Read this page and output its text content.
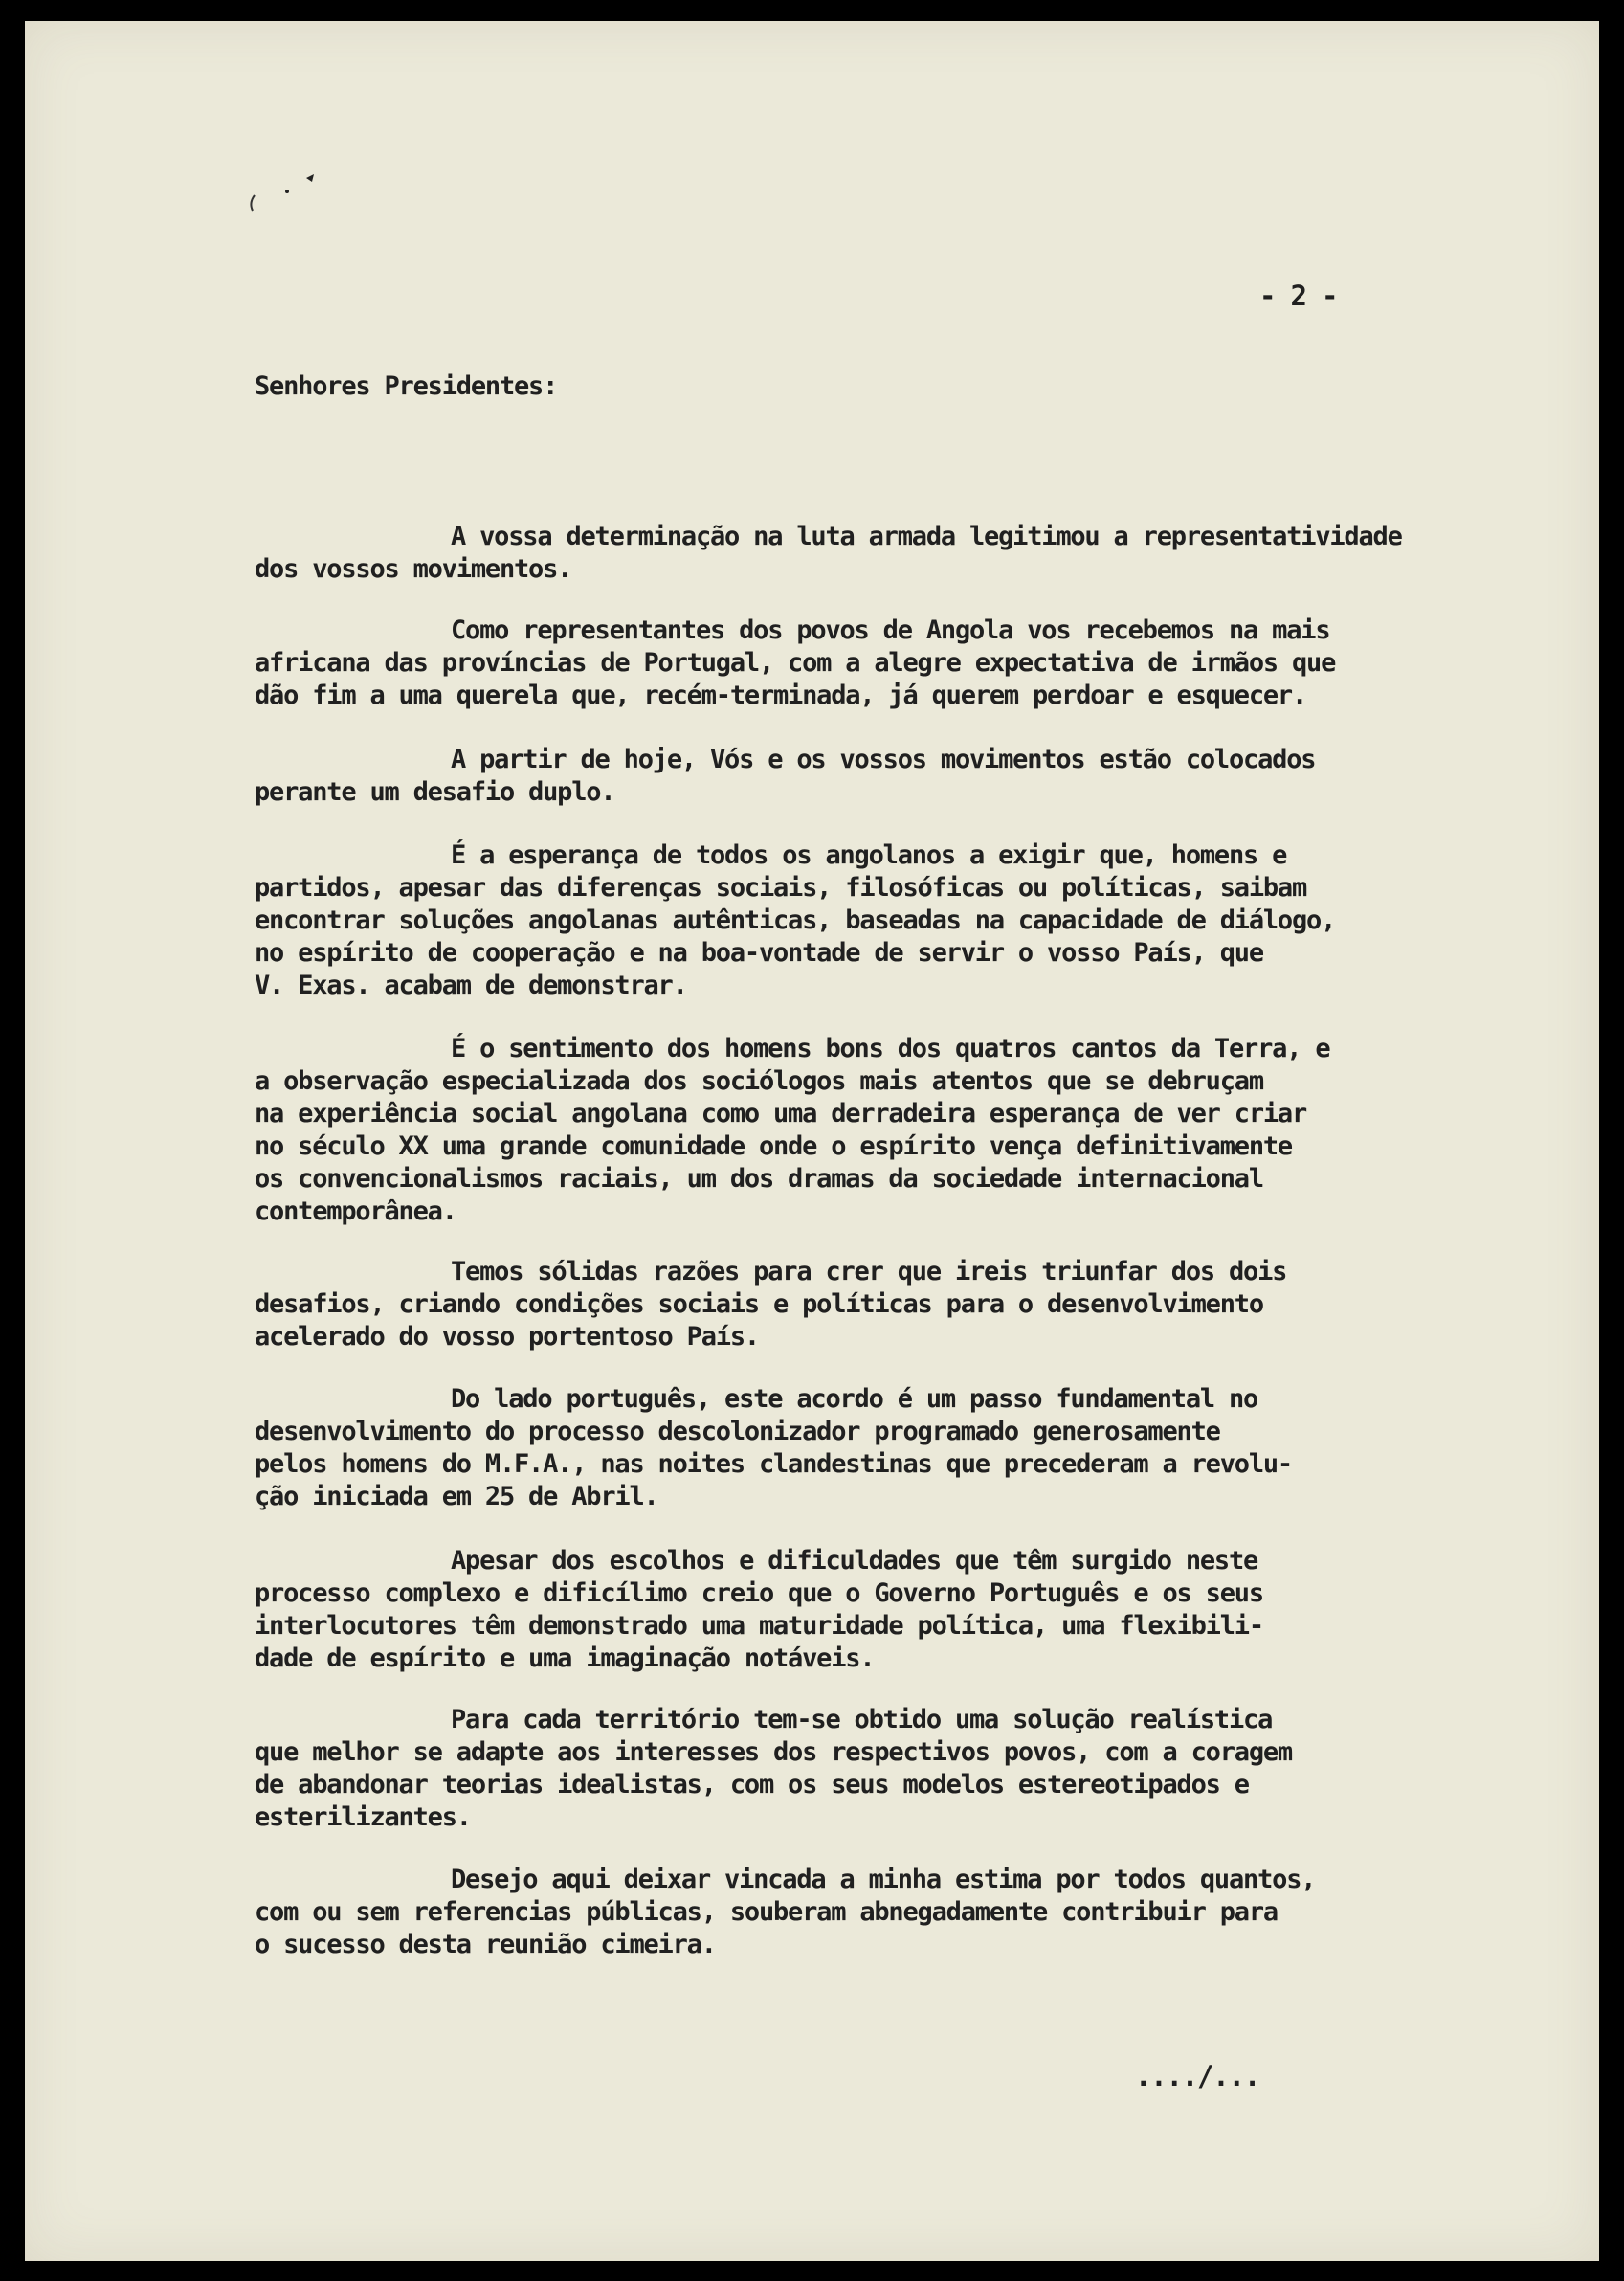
- 2 -
Senhores Presidentes:
A vossa determinação na luta armada legitimou a representatividade
dos vossos movimentos.
Como representantes dos povos de Angola vos recebemos na mais
africana das províncias de Portugal, com a alegre expectativa de irmãos que
dão fim a uma querela que, recém-terminada, já querem perdoar e esquecer.
A partir de hoje, Vós e os vossos movimentos estão colocados
perante um desafio duplo.
É a esperança de todos os angolanos a exigir que, homens e
partidos, apesar das diferenças sociais, filosóficas ou políticas, saibam
encontrar soluções angolanas autênticas, baseadas na capacidade de diálogo,
no espírito de cooperação e na boa-vontade de servir o vosso País, que
V. Exas. acabam de demonstrar.
É o sentimento dos homens bons dos quatros cantos da Terra, e
a observação especializada dos sociólogos mais atentos que se debruçam
na experiência social angolana como uma derradeira esperança de ver criar
no século XX uma grande comunidade onde o espírito vença definitivamente
os convencionalismos raciais, um dos dramas da sociedade internacional
contemporânea.
Temos sólidas razões para crer que ireis triunfar dos dois
desafios, criando condições sociais e políticas para o desenvolvimento
acelerado do vosso portentoso País.
Do lado português, este acordo é um passo fundamental no
desenvolvimento do processo descolonizador programado generosamente
pelos homens do M.F.A., nas noites clandestinas que precederam a revolu-
ção iniciada em 25 de Abril.
Apesar dos escolhos e dificuldades que têm surgido neste
processo complexo e dificílimo creio que o Governo Português e os seus
interlocutores têm demonstrado uma maturidade política, uma flexibili-
dade de espírito e uma imaginação notáveis.
Para cada território tem-se obtido uma solução realística
que melhor se adapte aos interesses dos respectivos povos, com a coragem
de abandonar teorias idealistas, com os seus modelos estereotipados e
esterilizantes.
Desejo aqui deixar vincada a minha estima por todos quantos,
com ou sem referencias públicas, souberam abnegadamente contribuir para
o sucesso desta reunião cimeira.
..../...
